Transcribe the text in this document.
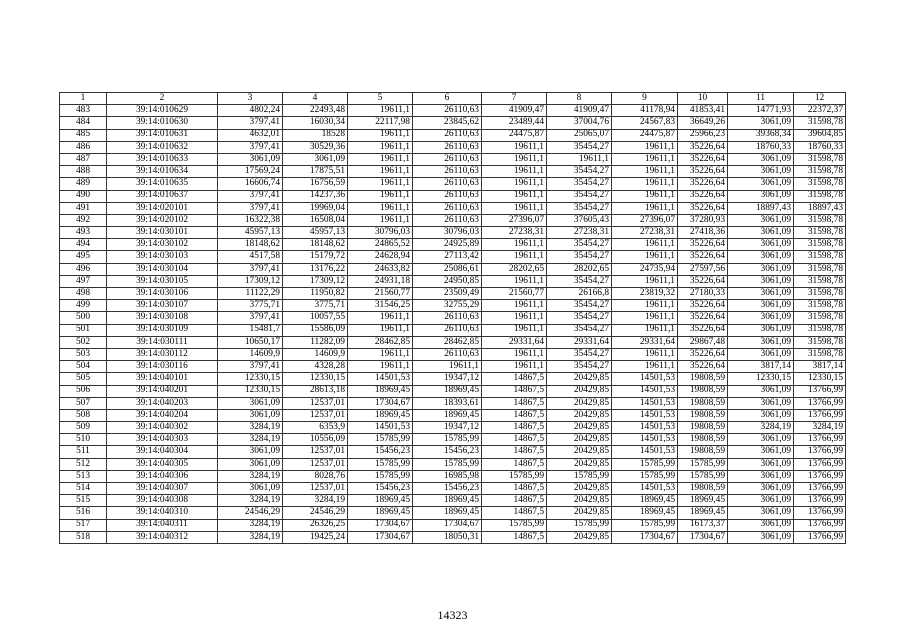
1	2	3	4	5	6	7	8	9	10	11	12
483	39:14:010629	4802,24	22493,48	19611,1	26110,63	41909,47	41909,47	41178,94	41853,41	14771,93	22372,37
484	39:14:010630	3797,41	16030,34	22117,98	23845,62	23489,44	37004,76	24567,83	36649,26	3061,09	31598,78
485	39:14:010631	4632,01	18528	19611,1	26110,63	24475,87	25065,07	24475,87	25966,23	39368,34	39604,85
486	39:14:010632	3797,41	30529,36	19611,1	26110,63	19611,1	35454,27	19611,1	35226,64	18760,33	18760,33
487	39:14:010633	3061,09	3061,09	19611,1	26110,63	19611,1	19611,1	19611,1	35226,64	3061,09	31598,78
488	39:14:010634	17569,24	17875,51	19611,1	26110,63	19611,1	35454,27	19611,1	35226,64	3061,09	31598,78
489	39:14:010635	16606,74	16756,59	19611,1	26110,63	19611,1	35454,27	19611,1	35226,64	3061,09	31598,78
490	39:14:010637	3797,41	14237,36	19611,1	26110,63	19611,1	35454,27	19611,1	35226,64	3061,09	31598,78
491	39:14:020101	3797,41	19969,04	19611,1	26110,63	19611,1	35454,27	19611,1	35226,64	18897,43	18897,43
492	39:14:020102	16322,38	16508,04	19611,1	26110,63	27396,07	37605,43	27396,07	37280,93	3061,09	31598,78
493	39:14:030101	45957,13	45957,13	30796,03	30796,03	27238,31	27238,31	27238,31	27418,36	3061,09	31598,78
494	39:14:030102	18148,62	18148,62	24865,52	24925,89	19611,1	35454,27	19611,1	35226,64	3061,09	31598,78
495	39:14:030103	4517,58	15179,72	24628,94	27113,42	19611,1	35454,27	19611,1	35226,64	3061,09	31598,78
496	39:14:030104	3797,41	13176,22	24633,82	25086,61	28202,65	28202,65	24735,94	27597,56	3061,09	31598,78
497	39:14:030105	17309,12	17309,12	24931,18	24950,85	19611,1	35454,27	19611,1	35226,64	3061,09	31598,78
498	39:14:030106	11122,29	11950,82	21560,77	23509,49	21560,77	26166,8	23819,32	27180,33	3061,09	31598,78
499	39:14:030107	3775,71	3775,71	31546,25	32755,29	19611,1	35454,27	19611,1	35226,64	3061,09	31598,78
500	39:14:030108	3797,41	10057,55	19611,1	26110,63	19611,1	35454,27	19611,1	35226,64	3061,09	31598,78
501	39:14:030109	15481,7	15586,09	19611,1	26110,63	19611,1	35454,27	19611,1	35226,64	3061,09	31598,78
502	39:14:030111	10650,17	11282,09	28462,85	28462,85	29331,64	29331,64	29331,64	29867,48	3061,09	31598,78
503	39:14:030112	14609,9	14609,9	19611,1	26110,63	19611,1	35454,27	19611,1	35226,64	3061,09	31598,78
504	39:14:030116	3797,41	4328,28	19611,1	19611,1	19611,1	35454,27	19611,1	35226,64	3817,14	3817,14
505	39:14:040101	12330,15	12330,15	14501,53	19347,12	14867,5	20429,85	14501,53	19808,59	12330,15	12330,15
506	39:14:040201	12330,15	28613,18	18969,45	18969,45	14867,5	20429,85	14501,53	19808,59	3061,09	13766,99
507	39:14:040203	3061,09	12537,01	17304,67	18393,61	14867,5	20429,85	14501,53	19808,59	3061,09	13766,99
508	39:14:040204	3061,09	12537,01	18969,45	18969,45	14867,5	20429,85	14501,53	19808,59	3061,09	13766,99
509	39:14:040302	3284,19	6353,9	14501,53	19347,12	14867,5	20429,85	14501,53	19808,59	3284,19	3284,19
510	39:14:040303	3284,19	10556,09	15785,99	15785,99	14867,5	20429,85	14501,53	19808,59	3061,09	13766,99
511	39:14:040304	3061,09	12537,01	15456,23	15456,23	14867,5	20429,85	14501,53	19808,59	3061,09	13766,99
512	39:14:040305	3061,09	12537,01	15785,99	15785,99	14867,5	20429,85	15785,99	15785,99	3061,09	13766,99
513	39:14:040306	3284,19	8028,76	15785,99	16985,98	15785,99	15785,99	15785,99	15785,99	3061,09	13766,99
514	39:14:040307	3061,09	12537,01	15456,23	15456,23	14867,5	20429,85	14501,53	19808,59	3061,09	13766,99
515	39:14:040308	3284,19	3284,19	18969,45	18969,45	14867,5	20429,85	18969,45	18969,45	3061,09	13766,99
516	39:14:040310	24546,29	24546,29	18969,45	18969,45	14867,5	20429,85	18969,45	18969,45	3061,09	13766,99
517	39:14:040311	3284,19	26326,25	17304,67	17304,67	15785,99	15785,99	15785,99	16173,37	3061,09	13766,99
518	39:14:040312	3284,19	19425,24	17304,67	18050,31	14867,5	20429,85	17304,67	17304,67	3061,09	13766,99
14323
